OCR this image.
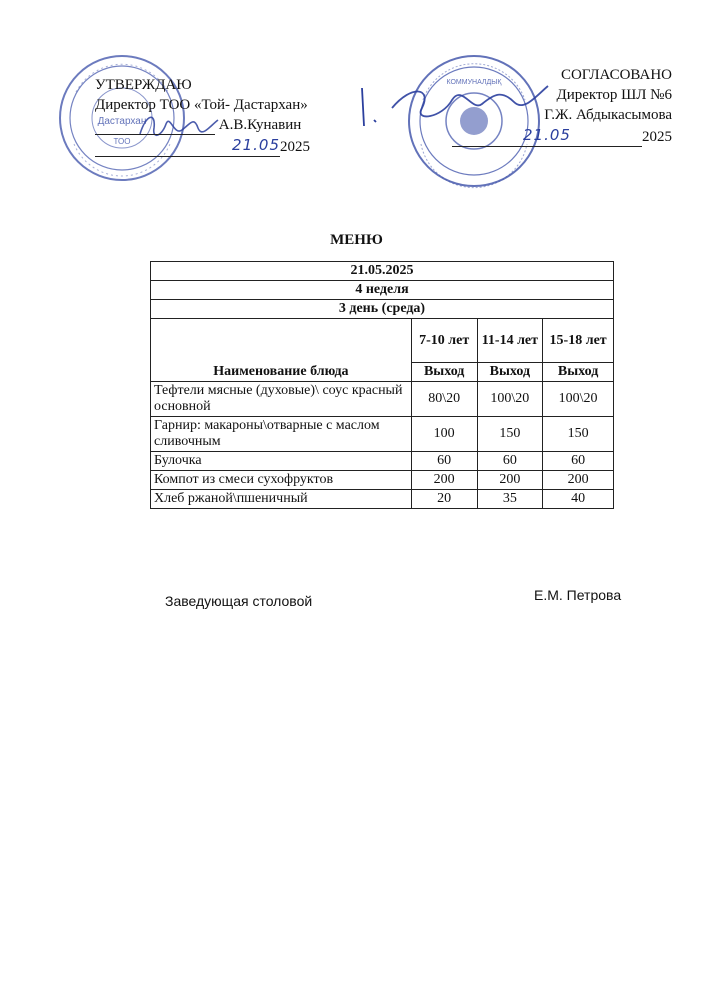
Дастархан
ТОО
КОММУНАЛДЫҚ
УТВЕРЖДАЮ
Директор ТОО «Той- Дастархан»
А.В.Кунавин
21.052025
СОГЛАСОВАНО
Директор ШЛ №6
Г.Ж. Абдыкасымова
21.05	2025
МЕНЮ
21.05.2025			
4 неделя			
3 день (среда)			
Наименование блюда	7-10 лет	11-14 лет	15-18 лет
	Выход	Выход	Выход
Тефтели мясные (духовые)\ соус красный основной	80\20	100\20	100\20
Гарнир: макароны\отварные с маслом сливочным	100	150	150
Булочка	60	60	60
Компот из смеси сухофруктов	200	200	200
Хлеб ржаной\пшеничный	20	35	40
Заведующая столовой	Е.М. Петрова
